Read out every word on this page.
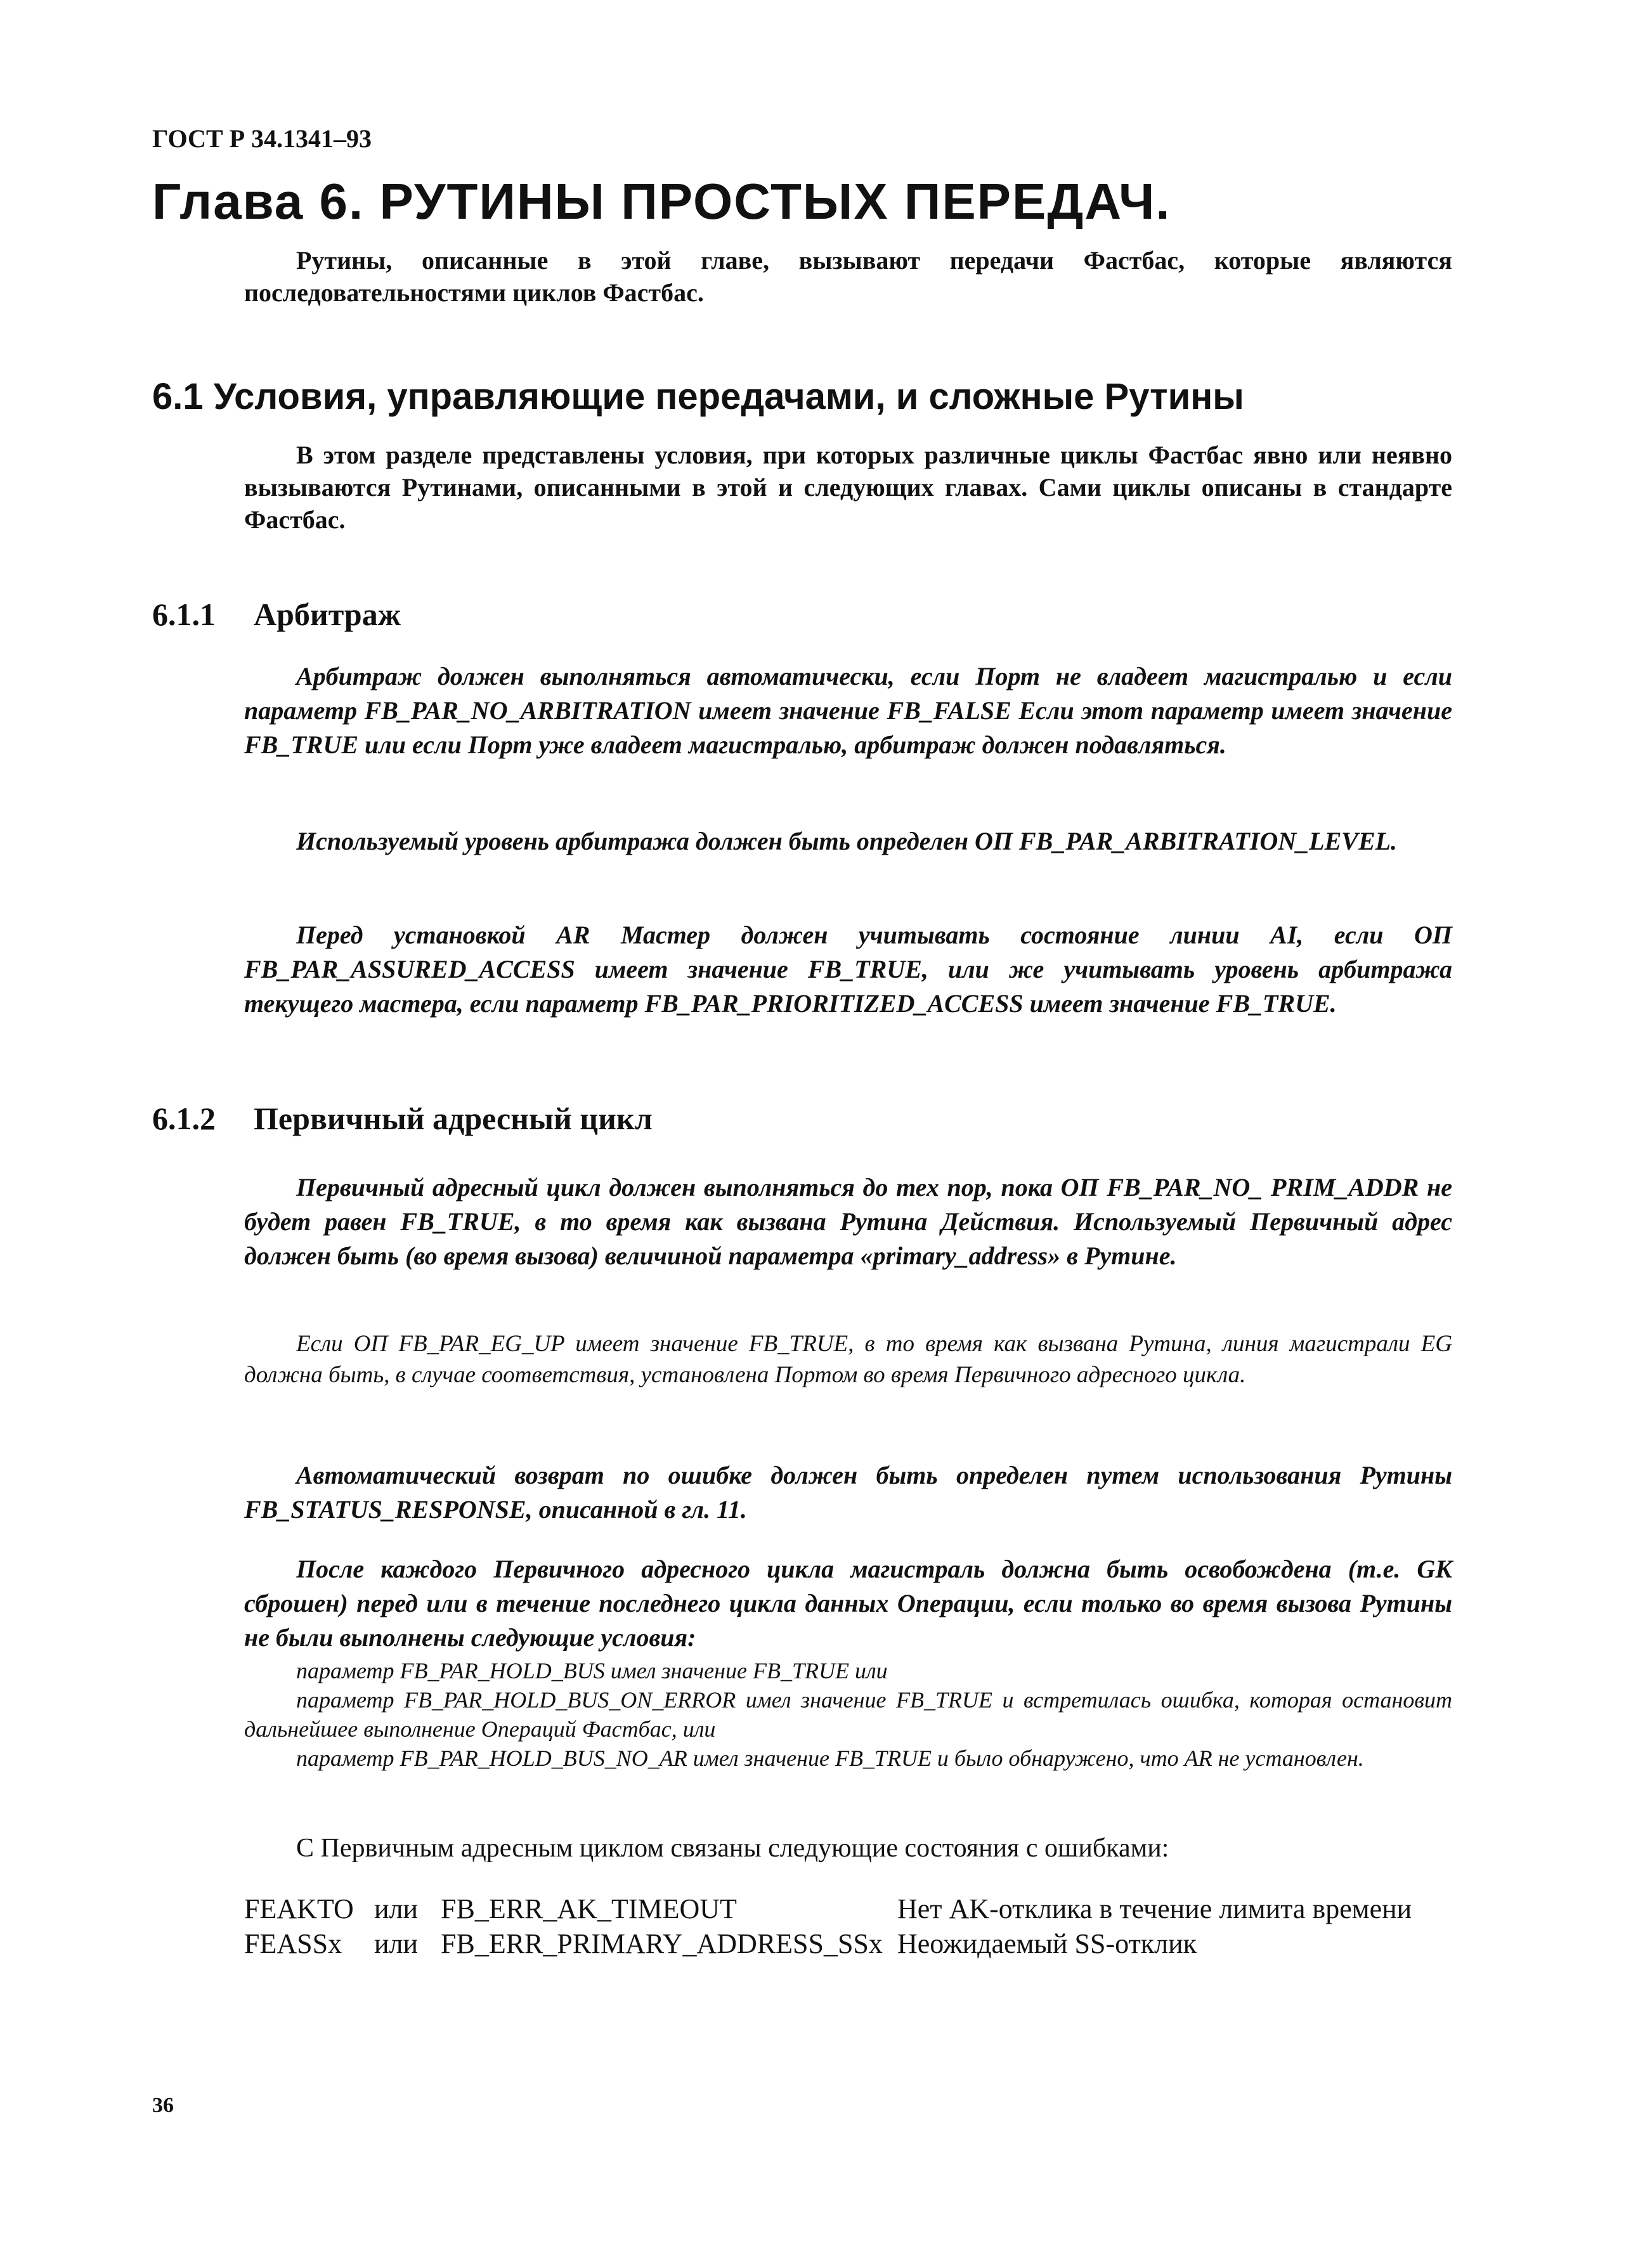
ГОСТ Р 34.1341–93
Глава 6. РУТИНЫ ПРОСТЫХ ПЕРЕДАЧ.

Рутины, описанные в этой главе, вызывают передачи Фастбас, которые являются последовательностями циклов Фастбас.

6.1 Условия, управляющие передачами, и сложные Рутины

В этом разделе представлены условия, при которых различные циклы Фастбас явно или неявно вызываются Рутинами, описанными в этой и следующих главах. Сами циклы описаны в стандарте Фастбас.

6.1.1 Арбитраж

Арбитраж должен выполняться автоматически, если Порт не владеет магистралью и если параметр FB_PAR_NO_ARBITRATION имеет значение FB_FALSE Если этот параметр имеет значение FB_TRUE или если Порт уже владеет магистралью, арбитраж должен подавляться.

Используемый уровень арбитража должен быть определен ОП FB_PAR_ARBITRATION_LEVEL.

Перед установкой AR Мастер должен учитывать состояние линии AI, если ОП FB_PAR_ASSURED_ACCESS имеет значение FB_TRUE, или же учитывать уровень арбитража текущего мастера, если параметр FB_PAR_PRIORITIZED_ACCESS имеет значение FB_TRUE.

6.1.2 Первичный адресный цикл

Первичный адресный цикл должен выполняться до тех пор, пока ОП FB_PAR_NO_ PRIM_ADDR не будет равен FB_TRUE, в то время как вызвана Рутина Действия. Используемый Первичный адрес должен быть (во время вызова) величиной параметра «primary_address» в Рутине.

Если ОП FB_PAR_EG_UP имеет значение FB_TRUE, в то время как вызвана Рутина, линия магистрали EG должна быть, в случае соответствия, установлена Портом во время Первичного адресного цикла.

Автоматический возврат по ошибке должен быть определен путем использования Рутины FB_STATUS_RESPONSE, описанной в гл. 11.

После каждого Первичного адресного цикла магистраль должна быть освобождена (т.е. GK сброшен) перед или в течение последнего цикла данных Операции, если только во время вызова Рутины не были выполнены следующие условия:

параметр FB_PAR_HOLD_BUS имел значение FB_TRUE или

параметр FB_PAR_HOLD_BUS_ON_ERROR имел значение FB_TRUE и встретилась ошибка, которая остановит дальнейшее выполнение Операций Фастбас, или

параметр FB_PAR_HOLD_BUS_NO_AR имел значение FB_TRUE и было обнаружено, что AR не установлен.

С Первичным адресным циклом связаны следующие состояния с ошибками:

FEAKTO или FB_ERR_AK_TIMEOUT	Нет AK-отклика в течение лимита времени
FEASSx или FB_ERR_PRIMARY_ADDRESS_SSx Неожидаемый SS-отклик
36
